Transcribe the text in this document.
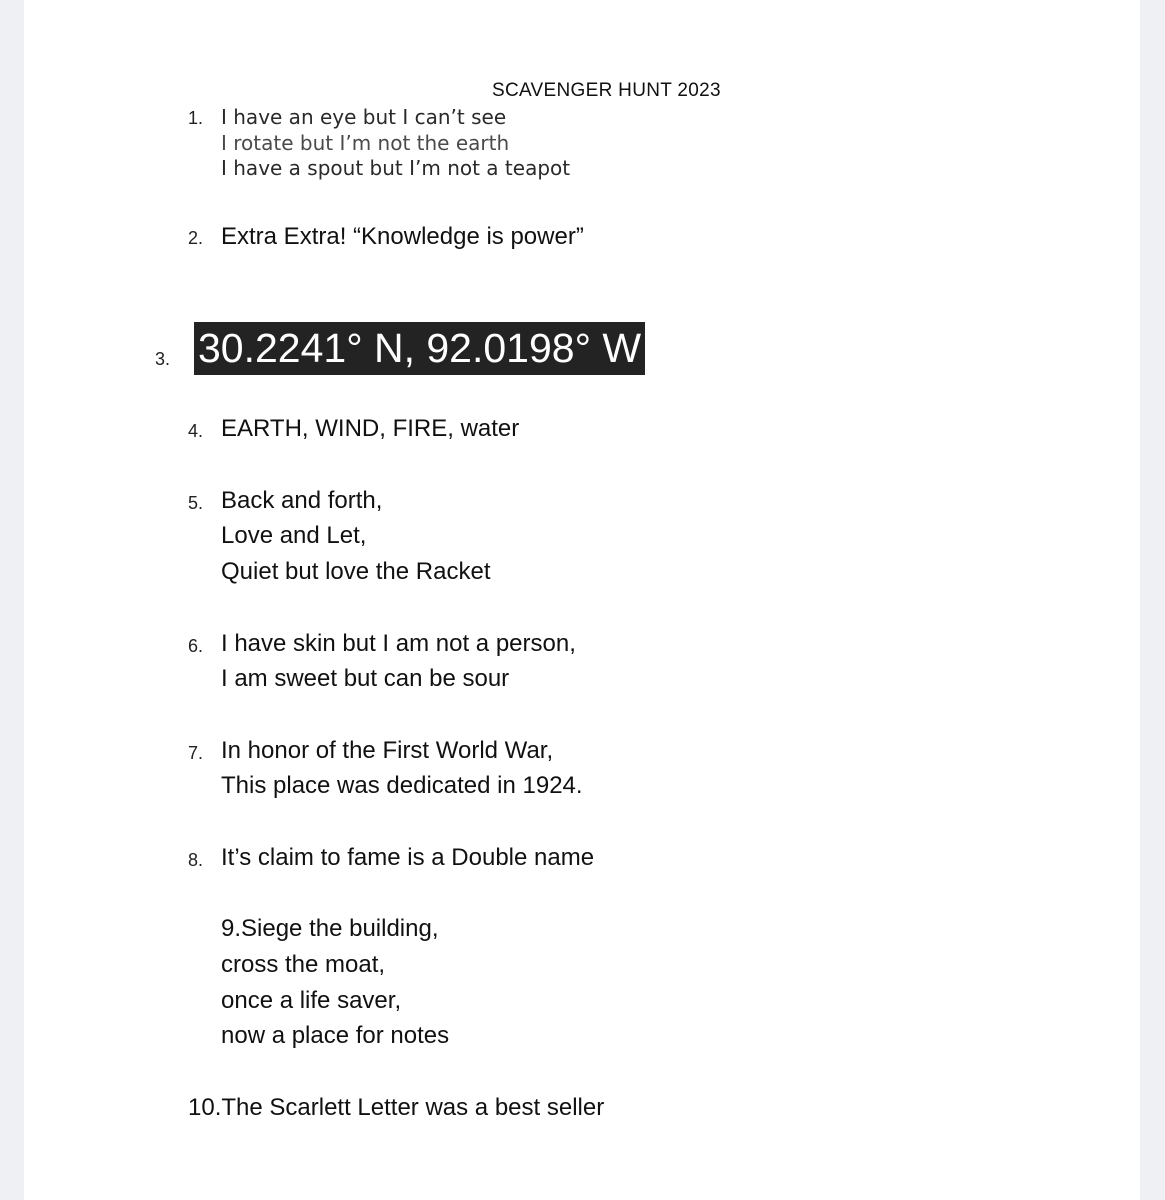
SCAVENGER HUNT 2023
1. I have an eye but I can’t see
I rotate but I’m not the earth
I have a spout but I’m not a teapot
2. Extra Extra! “Knowledge is power”
3. 30.2241° N, 92.0198° W
4. EARTH, WIND, FIRE, water
5. Back and forth,
Love and Let,
Quiet but love the Racket
6. I have skin but I am not a person,
I am sweet but can be sour
7. In honor of the First World War,
This place was dedicated in 1924.
8. It’s claim to fame is a Double name
9.Siege the building,
cross the moat,
once a life saver,
now a place for notes
10.The Scarlett Letter was a best seller
